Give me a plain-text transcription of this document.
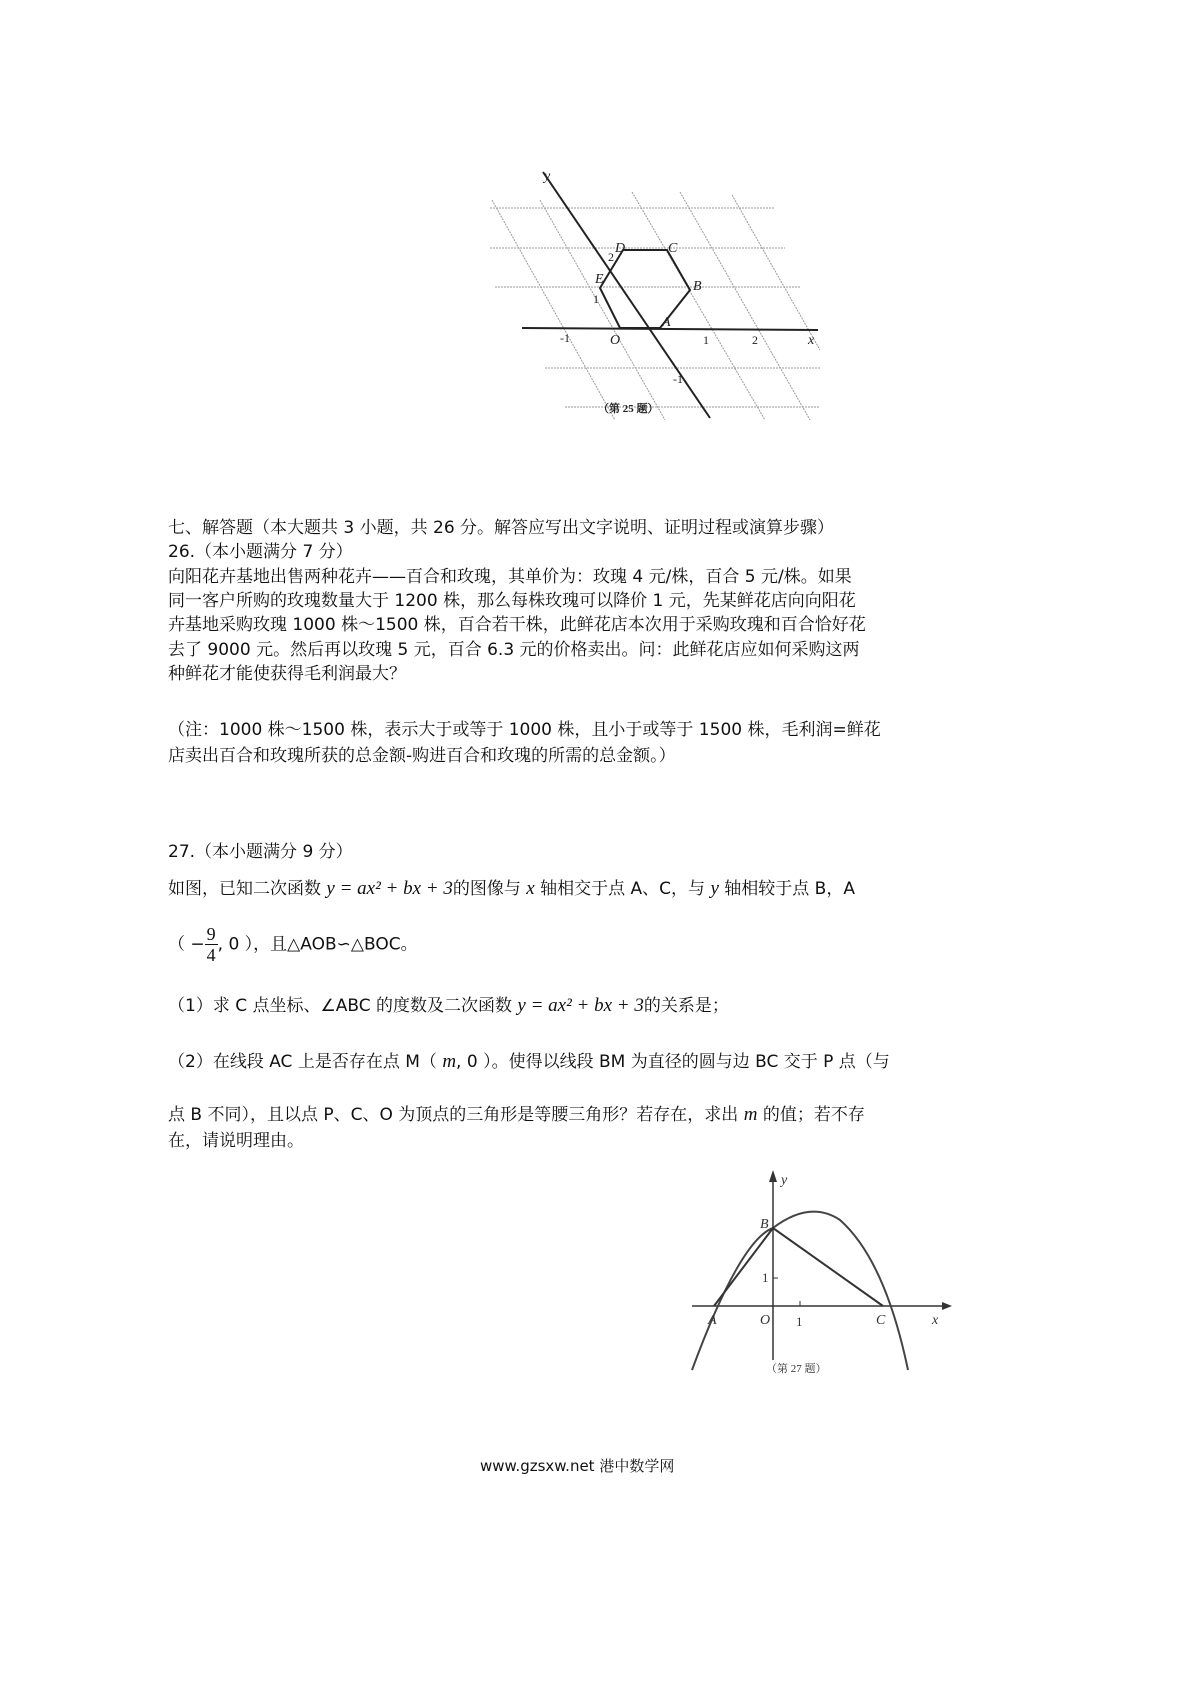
y
x
O
A
B
C
D
E
1	2
-1
1
2
-1
（第 25 题）
七、解答题（本大题共 3 小题，共 26 分。解答应写出文字说明、证明过程或演算步骤）
26.（本小题满分 7 分）
向阳花卉基地出售两种花卉——百合和玫瑰，其单价为：玫瑰 4 元/株，百合 5 元/株。如果
同一客户所购的玫瑰数量大于 1200 株，那么每株玫瑰可以降价 1 元，先某鲜花店向向阳花
卉基地采购玫瑰 1000 株～1500 株，百合若干株，此鲜花店本次用于采购玫瑰和百合恰好花
去了 9000 元。然后再以玫瑰 5 元，百合 6.3 元的价格卖出。问：此鲜花店应如何采购这两
种鲜花才能使获得毛利润最大？
（注：1000 株～1500 株，表示大于或等于 1000 株，且小于或等于 1500 株，毛利润=鲜花
店卖出百合和玫瑰所获的总金额-购进百合和玫瑰的所需的总金额。）
27.（本小题满分 9 分）
如图，已知二次函数 y = ax² + bx + 3的图像与 x 轴相交于点 A、C，与 y 轴相较于点 B，A
（ − $\frac{9}{4}$ , 0 ），且△AOB∽△BOC。
（1）求 C 点坐标、∠ABC 的度数及二次函数 y = ax² + bx + 3的关系是；
（2）在线段 AC 上是否存在点 M（ m, 0 ）。使得以线段 BM 为直径的圆与边 BC 交于 P 点（与
点 B 不同），且以点 P、C、O 为顶点的三角形是等腰三角形？若存在，求出 m 的值；若不存
在，请说明理由。
y
x
O
A
B
C
1
1
（第 27 题）
www.gzsxw.net 港中数学网
